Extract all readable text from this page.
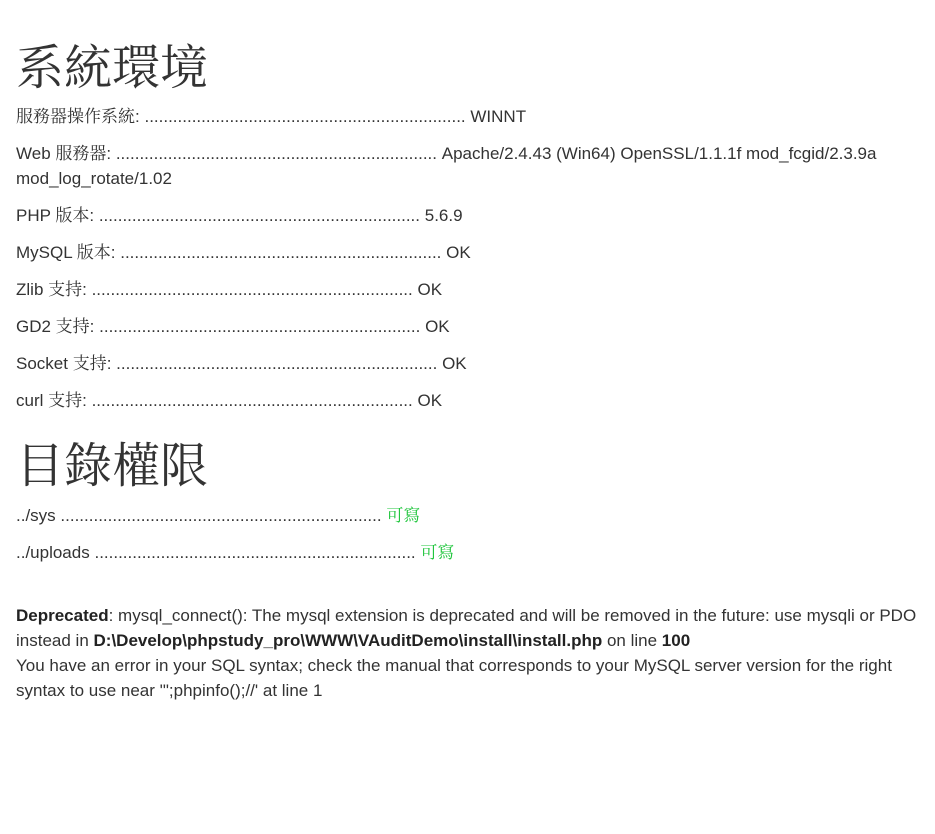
系統環境
服務器操作系統: .................................................................... WINNT
Web 服務器: .................................................................... Apache/2.4.43 (Win64) OpenSSL/1.1.1f mod_fcgid/2.3.9a mod_log_rotate/1.02
PHP 版本: .................................................................... 5.6.9
MySQL 版本: .................................................................... OK
Zlib 支持: .................................................................... OK
GD2 支持: .................................................................... OK
Socket 支持: .................................................................... OK
curl 支持: .................................................................... OK
目錄權限
../sys .................................................................... 可寫
../uploads .................................................................... 可寫
Deprecated: mysql_connect(): The mysql extension is deprecated and will be removed in the future: use mysqli or PDO instead in D:\Develop\phpstudy_pro\WWW\VAuditDemo\install\install.php on line 100
You have an error in your SQL syntax; check the manual that corresponds to your MySQL server version for the right syntax to use near '";phpinfo();//' at line 1
